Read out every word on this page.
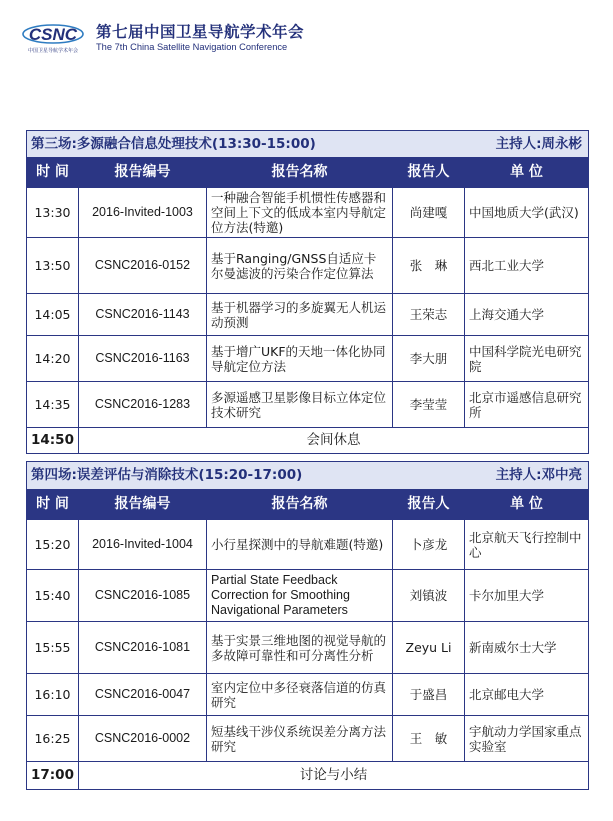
CSNC
中国卫星导航学术年会
第七届中国卫星导航学术年会
The 7th China Satellite Navigation Conference
第三场:多源融合信息处理技术(13:30-15:00)			主持人:周永彬	
时 间	报告编号	报告名称	报告人	单 位
13:30	2016-Invited-1003	一种融合智能手机惯性传感器和空间上下文的低成本室内导航定位方法(特邀)	尚建嘎	中国地质大学(武汉)
13:50	CSNC2016-0152	基于Ranging/GNSS自适应卡尔曼滤波的污染合作定位算法	张　琳	西北工业大学
14:05	CSNC2016-1143	基于机器学习的多旋翼无人机运动预测	王荣志	上海交通大学
14:20	CSNC2016-1163	基于增广UKF的天地一体化协同导航定位方法	李大朋	中国科学院光电研究院
14:35	CSNC2016-1283	多源遥感卫星影像目标立体定位技术研究	李莹莹	北京市遥感信息研究所
14:50	会间休息			
第四场:误差评估与消除技术(15:20-17:00)			主持人:邓中亮	
时 间	报告编号	报告名称	报告人	单 位
15:20	2016-Invited-1004	小行星探测中的导航难题(特邀)	卜彦龙	北京航天飞行控制中心
15:40	CSNC2016-1085	Partial State Feedback Correction for Smoothing Navigational Parameters	刘镇波	卡尔加里大学
15:55	CSNC2016-1081	基于实景三维地图的视觉导航的多故障可靠性和可分离性分析	Zeyu Li	新南威尔士大学
16:10	CSNC2016-0047	室内定位中多径衰落信道的仿真研究	于盛昌	北京邮电大学
16:25	CSNC2016-0002	短基线干涉仪系统误差分离方法研究	王　敏	宇航动力学国家重点实验室
17:00	讨论与小结			
